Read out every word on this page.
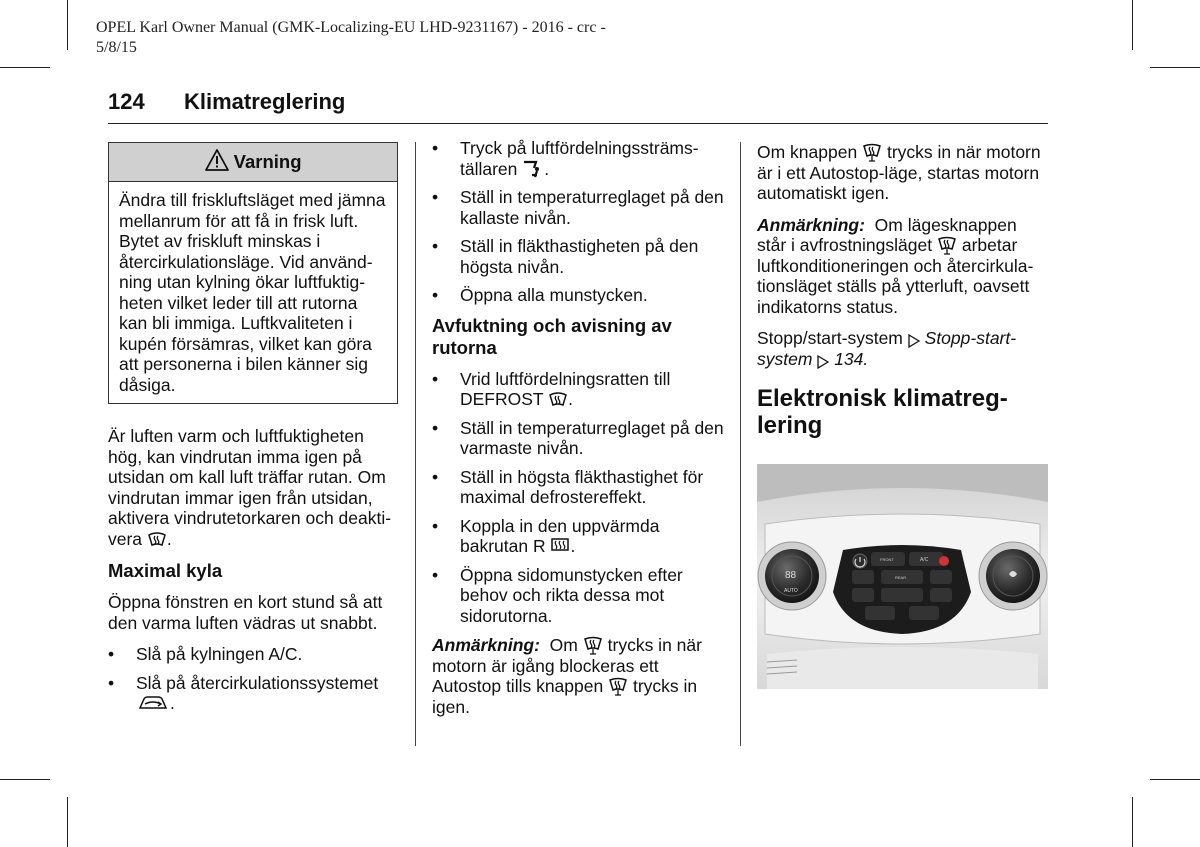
OPEL Karl Owner Manual (GMK-Localizing-EU LHD-9231167) - 2016 - crc -
5/8/15
124 Klimatreglering
Varning
Ändra till friskluftsläget med jämna mellanrum för att få in frisk luft. Bytet av friskluft minskas i återcirkulationsläge. Vid användning utan kylning ökar luftfuktigheten vilket leder till att rutorna kan bli immiga. Luftkvaliteten i kupén försämras, vilket kan göra att personerna i bilen känner sig dåsiga.

Är luften varm och luftfuktigheten hög, kan vindrutan imma igen på utsidan om kall luft träffar rutan. Om vindrutan immar igen från utsidan, aktivera vindrutetorkaren och deaktivera .

Maximal kyla

Öppna fönstren en kort stund så att den varma luften vädras ut snabbt.

• Slå på kylningen A/C.
• Slå på återcirkulationssystemet .
• Tryck på luftfördelningssträmställaren .
• Ställ in temperaturreglaget på den kallaste nivån.
• Ställ in fläkthastigheten på den högsta nivån.
• Öppna alla munstycken.
Avfuktning och avisning av rutorna
• Vrid luftfördelningsratten till DEFROST .
• Ställ in temperaturreglaget på den varmaste nivån.
• Ställ in högsta fläkthastighet för maximal defrostereffekt.
• Koppla in den uppvärmda bakrutan R .
• Öppna sidomunstycken efter behov och rikta dessa mot sidorutorna.

Anmärkning: Om trycks in när motorn är igång blockeras ett Autostop tills knappen trycks in igen.

Om knappen trycks in när motorn är i ett Autostop-läge, startas motorn automatiskt igen.

Anmärkning: Om lägesknappen står i avfrostningsläget arbetar luftkonditioneringen och återcirkulationsläget ställs på ytterluft, oavsett indikatorns status.

Stopp/start-system Stopp-start-system 134.

Elektronisk klimatreglering
88
AUTO
FRONT	A/C
REAR
